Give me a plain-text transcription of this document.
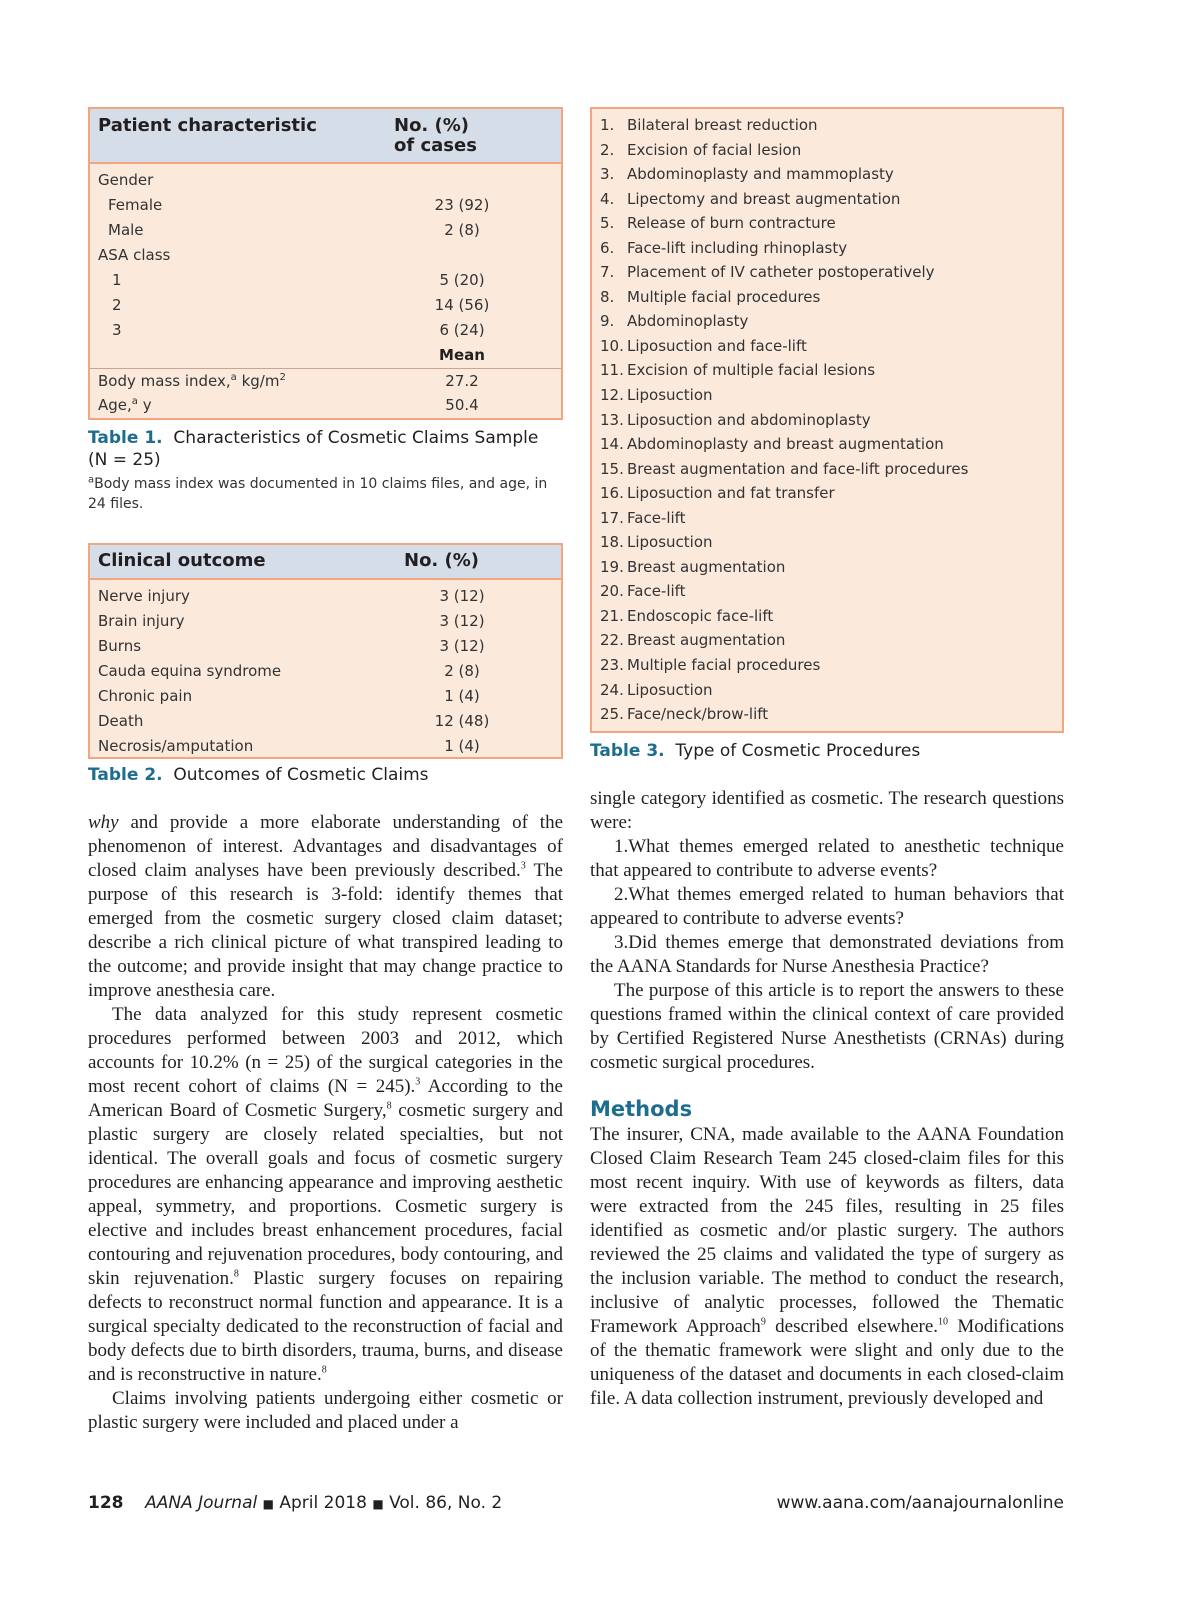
Patient characteristic	No. (%) of cases
Gender
Female	23 (92)
Male	2 (8)
ASA class
1	5 (20)
2	14 (56)
3	6 (24)
Mean
Body mass index,$^a$ $kg/m^2$	27.2
Age,$^a$ y	50.4
Table 1. Characteristics of Cosmetic Claims Sample (N = 25)
$^a$Body mass index was documented in 10 claims files, and age, in 24 files.
Clinical outcome	No. (%)
Nerve injury	3 (12)
Brain injury	3 (12)
Burns	3 (12)
Cauda equina syndrome	2 (8)
Chronic pain	1 (4)
Death	12 (48)
Necrosis/amputation	1 (4)
Table 2. Outcomes of Cosmetic Claims
1. Bilateral breast reduction
2. Excision of facial lesion
3. Abdominoplasty and mammoplasty
4. Lipectomy and breast augmentation
5. Release of burn contracture
6. Face-lift including rhinoplasty
7. Placement of IV catheter postoperatively
8. Multiple facial procedures
9. Abdominoplasty
10. Liposuction and face-lift
11. Excision of multiple facial lesions
12. Liposuction
13. Liposuction and abdominoplasty
14. Abdominoplasty and breast augmentation
15. Breast augmentation and face-lift procedures
16. Liposuction and fat transfer
17. Face-lift
18. Liposuction
19. Breast augmentation
20. Face-lift
21. Endoscopic face-lift
22. Breast augmentation
23. Multiple facial procedures
24. Liposuction
25. Face/neck/brow-lift
Table 3. Type of Cosmetic Procedures

why and provide a more elaborate understanding of the phenomenon of interest. Advantages and disadvantages of closed claim analyses have been previously described.$^3$ The purpose of this research is 3-fold: identify themes that emerged from the cosmetic surgery closed claim dataset; describe a rich clinical picture of what transpired leading to the outcome; and provide insight that may change practice to improve anesthesia care.

The data analyzed for this study represent cosmetic procedures performed between 2003 and 2012, which accounts for 10.2% (n = 25) of the surgical categories in the most recent cohort of claims (N = 245).$^3$ According to the American Board of Cosmetic Surgery,$^8$ cosmetic surgery and plastic surgery are closely related specialties, but not identical. The overall goals and focus of cosmetic surgery procedures are enhancing appearance and improving aesthetic appeal, symmetry, and proportions. Cosmetic surgery is elective and includes breast enhancement procedures, facial contouring and rejuvenation procedures, body contouring, and skin rejuvenation.$^8$ Plastic surgery focuses on repairing defects to reconstruct normal function and appearance. It is a surgical specialty dedicated to the reconstruction of facial and body defects due to birth disorders, trauma, burns, and disease and is reconstructive in nature.$^8$

Claims involving patients undergoing either cosmetic or plastic surgery were included and placed under a

single category identified as cosmetic. The research questions were:

1.What themes emerged related to anesthetic technique that appeared to contribute to adverse events?

2.What themes emerged related to human behaviors that appeared to contribute to adverse events?

3.Did themes emerge that demonstrated deviations from the AANA Standards for Nurse Anesthesia Practice?

The purpose of this article is to report the answers to these questions framed within the clinical context of care provided by Certified Registered Nurse Anesthetists (CRNAs) during cosmetic surgical procedures.

Methods

The insurer, CNA, made available to the AANA Foundation Closed Claim Research Team 245 closed-claim files for this most recent inquiry. With use of keywords as filters, data were extracted from the 245 files, resulting in 25 files identified as cosmetic and/or plastic surgery. The authors reviewed the 25 claims and validated the type of surgery as the inclusion variable. The method to conduct the research, inclusive of analytic processes, followed the Thematic Framework Approach$^9$ described elsewhere.$^{10}$ Modifications of the thematic framework were slight and only due to the uniqueness of the dataset and documents in each closed-claim file. A data collection instrument, previously developed and

128 AANA Journal ■ April 2018 ■ Vol. 86, No. 2	www.aana.com/aanajournalonline
